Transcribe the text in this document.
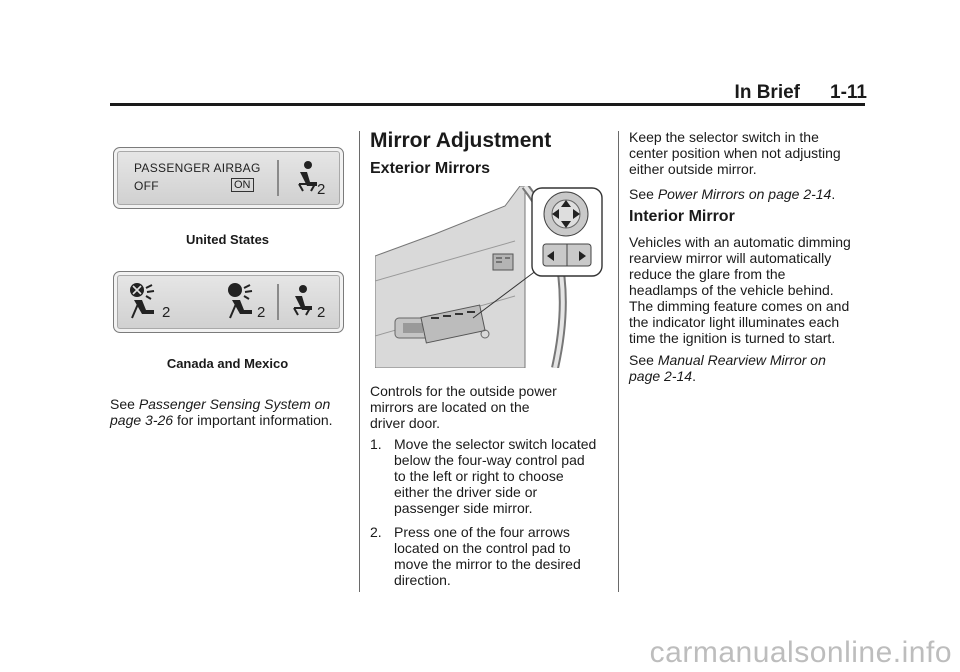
In Brief 1-11
PASSENGER AIRBAG
OFF	ON	2
United States
2	2	2
Canada and Mexico
See Passenger Sensing System on
page 3-26 for important information.
Mirror Adjustment
Exterior Mirrors
Controls for the outside power
mirrors are located on the
driver door.
1. Move the selector switch located
below the four-way control pad
to the left or right to choose
either the driver side or
passenger side mirror.
2. Press one of the four arrows
located on the control pad to
move the mirror to the desired
direction.
Keep the selector switch in the
center position when not adjusting
either outside mirror.
See Power Mirrors on page 2-14.
Interior Mirror
Vehicles with an automatic dimming
rearview mirror will automatically
reduce the glare from the
headlamps of the vehicle behind.
The dimming feature comes on and
the indicator light illuminates each
time the ignition is turned to start.
See Manual Rearview Mirror on
page 2-14.
carmanualsonline.info
